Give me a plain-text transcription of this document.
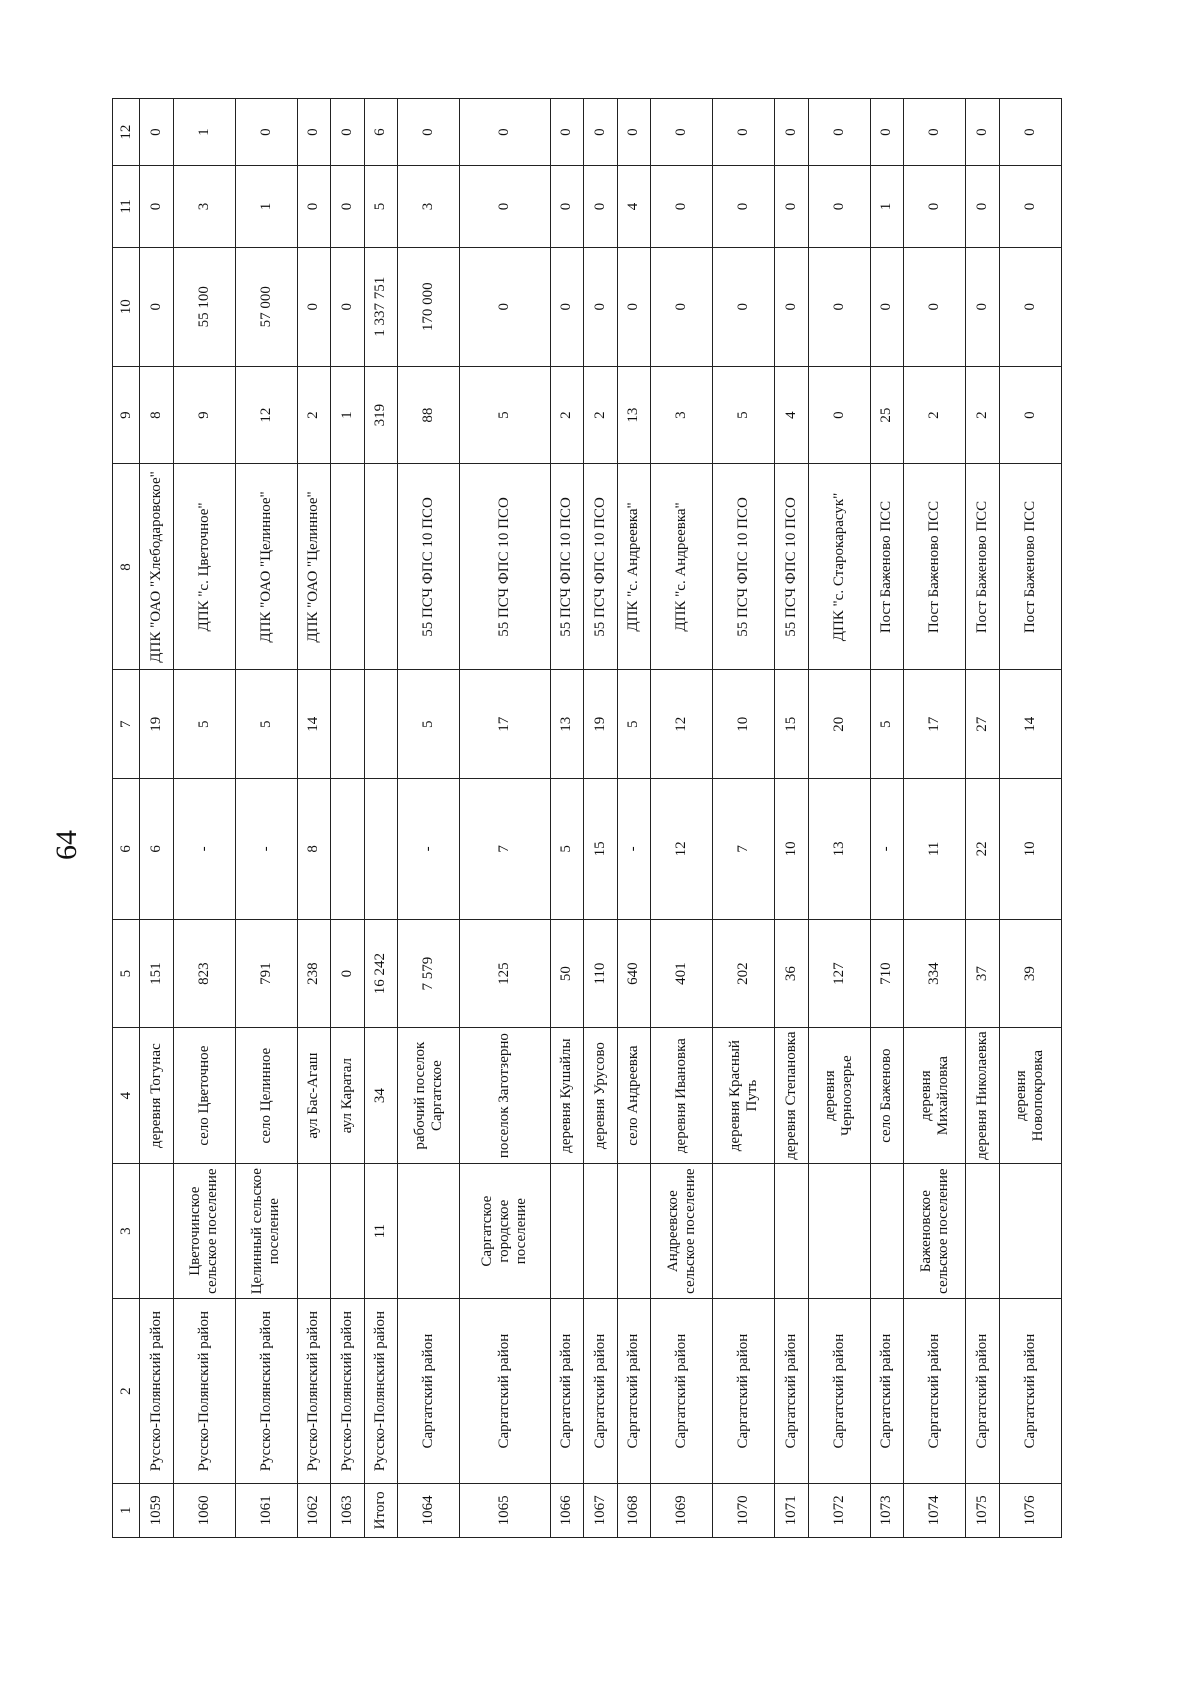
64
1	2	3	4	5	6	7	8	9	10	11	12
1059	Русско-Полянский район		деревня Тогунас	151	6	19	ДПК "ОАО "Хлебодаровское"	8	0	0	0
1060	Русско-Полянский район	Цветочинское сельское поселение	село Цветочное	823	-	5	ДПК "с. Цветочное"	9	55 100	3	1
1061	Русско-Полянский район	Целинный сельское поселение	село Целинное	791	-	5	ДПК "ОАО "Целинное"	12	57 000	1	0
1062	Русско-Полянский район		аул Бас-Агаш	238	8	14	ДПК "ОАО "Целинное"	2	0	0	0
1063	Русско-Полянский район		аул Каратал	0				1	0	0	0
Итого	Русско-Полянский район	11	34	16 242				319	1 337 751	5	6
1064	Саргатский район		рабочий поселок Саргатское	7 579	-	5	55 ПСЧ ФПС 10 ПСО	88	170 000	3	0
1065	Саргатский район	Саргатское городское поселение	поселок Заготзерно	125	7	17	55 ПСЧ ФПС 10 ПСО	5	0	0	0
1066	Саргатский район		деревня Кушайлы	50	5	13	55 ПСЧ ФПС 10 ПСО	2	0	0	0
1067	Саргатский район		деревня Урусово	110	15	19	55 ПСЧ ФПС 10 ПСО	2	0	0	0
1068	Саргатский район		село Андреевка	640	-	5	ДПК "с. Андреевка"	13	0	4	0
1069	Саргатский район	Андреевское сельское поселение	деревня Ивановка	401	12	12	ДПК "с. Андреевка"	3	0	0	0
1070	Саргатский район		деревня Красный Путь	202	7	10	55 ПСЧ ФПС 10 ПСО	5	0	0	0
1071	Саргатский район		деревня Степановка	36	10	15	55 ПСЧ ФПС 10 ПСО	4	0	0	0
1072	Саргатский район		деревня Черноозерье	127	13	20	ДПК "с. Старокарасук"	0	0	0	0
1073	Саргатский район		село Баженово	710	-	5	Пост Баженово ПСС	25	0	1	0
1074	Саргатский район	Баженовское сельское поселение	деревня Михайловка	334	11	17	Пост Баженово ПСС	2	0	0	0
1075	Саргатский район		деревня Николаевка	37	22	27	Пост Баженово ПСС	2	0	0	0
1076	Саргатский район		деревня Новопокровка	39	10	14	Пост Баженово ПСС	0	0	0	0
